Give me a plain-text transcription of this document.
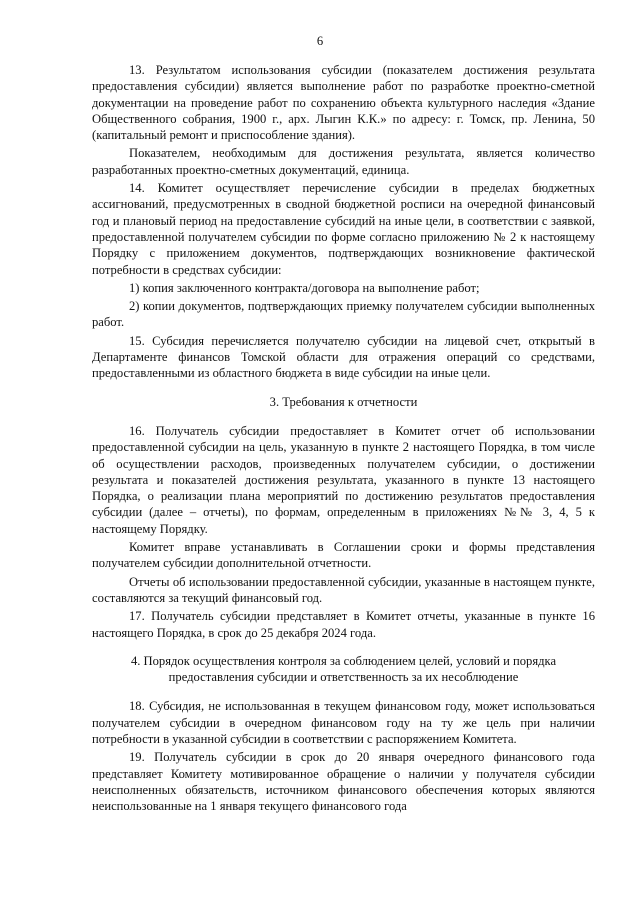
6

13. Результатом использования субсидии (показателем достижения результата предоставления субсидии) является выполнение работ по разработке проектно-сметной документации на проведение работ по сохранению объекта культурного наследия «Здание Общественного собрания, 1900 г., арх. Лыгин К.К.» по адресу: г. Томск, пр. Ленина, 50 (капитальный ремонт и приспособление здания).

Показателем, необходимым для достижения результата, является количество разработанных проектно-сметных документаций, единица.

14. Комитет осуществляет перечисление субсидии в пределах бюджетных ассигнований, предусмотренных в сводной бюджетной росписи на очередной финансовый год и плановый период на предоставление субсидий на иные цели, в соответствии с заявкой, предоставленной получателем субсидии по форме согласно приложению № 2 к настоящему Порядку с приложением документов, подтверждающих возникновение фактической потребности в средствах субсидии:

1) копия заключенного контракта/договора на выполнение работ;

2) копии документов, подтверждающих приемку получателем субсидии выполненных работ.

15. Субсидия перечисляется получателю субсидии на лицевой счет, открытый в Департаменте финансов Томской области для отражения операций со средствами, предоставленными из областного бюджета в виде субсидии на иные цели.

3. Требования к отчетности

16. Получатель субсидии предоставляет в Комитет отчет об использовании предоставленной субсидии на цель, указанную в пункте 2 настоящего Порядка, в том числе об осуществлении расходов, произведенных получателем субсидии, о достижении результата и показателей достижения результата, указанного в пункте 13 настоящего Порядка, о реализации плана мероприятий по достижению результатов предоставления субсидии (далее – отчеты), по формам, определенным в приложениях №№ 3, 4, 5 к настоящему Порядку.

Комитет вправе устанавливать в Соглашении сроки и формы представления получателем субсидии дополнительной отчетности.

Отчеты об использовании предоставленной субсидии, указанные в настоящем пункте, составляются за текущий финансовый год.

17. Получатель субсидии представляет в Комитет отчеты, указанные в пункте 16 настоящего Порядка, в срок до 25 декабря 2024 года.

4. Порядок осуществления контроля за соблюдением целей, условий и порядка предоставления субсидии и ответственность за их несоблюдение

18. Субсидия, не использованная в текущем финансовом году, может использоваться получателем субсидии в очередном финансовом году на ту же цель при наличии потребности в указанной субсидии в соответствии с распоряжением Комитета.

19. Получатель субсидии в срок до 20 января очередного финансового года представляет Комитету мотивированное обращение о наличии у получателя субсидии неисполненных обязательств, источником финансового обеспечения которых являются неиспользованные на 1 января текущего финансового года
